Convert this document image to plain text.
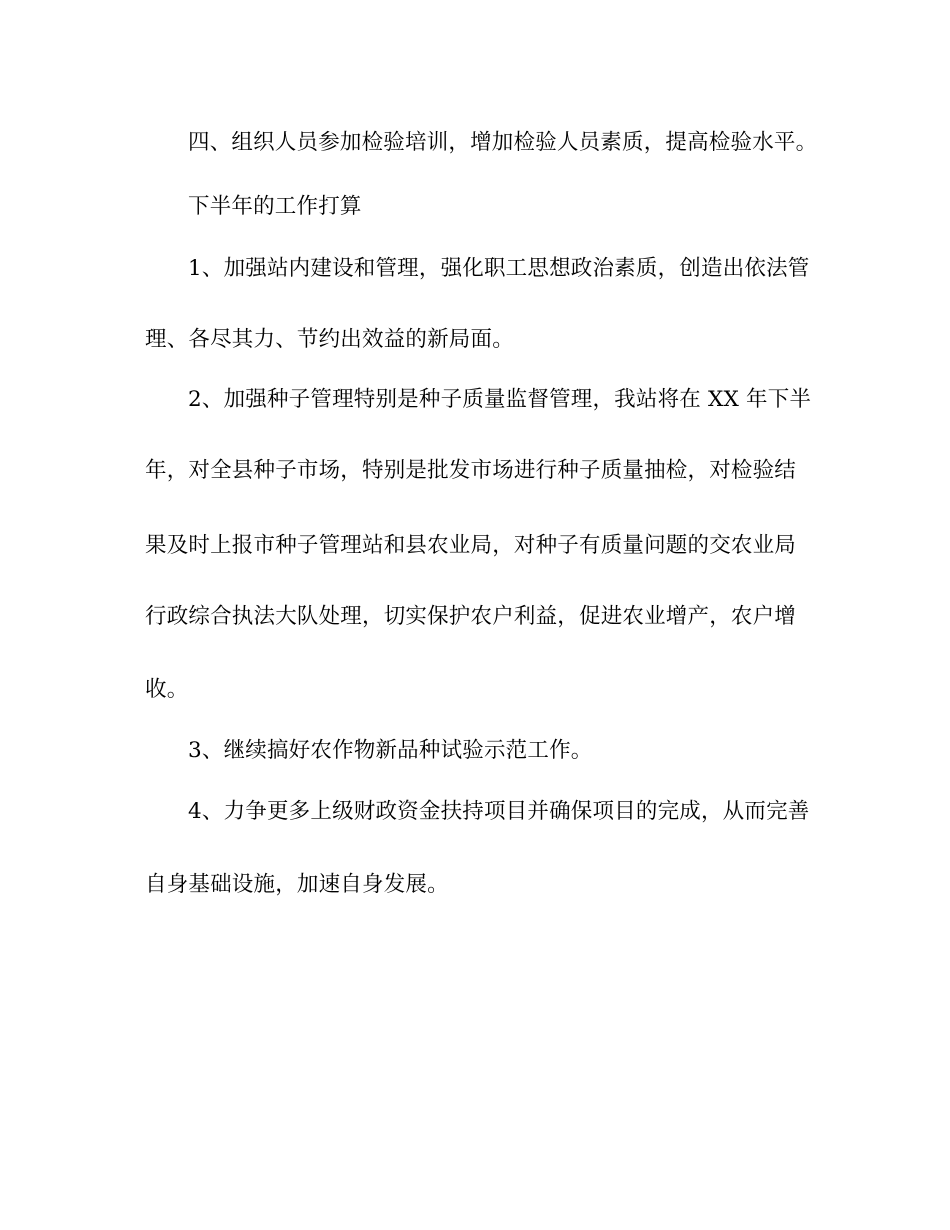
四、组织人员参加检验培训，增加检验人员素质，提高检验水平。
下半年的工作打算
1、加强站内建设和管理，强化职工思想政治素质，创造出依法管
理、各尽其力、节约出效益的新局面。
2、加强种子管理特别是种子质量监督管理，我站将在 XX 年下半
年，对全县种子市场，特别是批发市场进行种子质量抽检，对检验结
果及时上报市种子管理站和县农业局，对种子有质量问题的交农业局
行政综合执法大队处理，切实保护农户利益，促进农业增产，农户增
收。
3、继续搞好农作物新品种试验示范工作。
4、力争更多上级财政资金扶持项目并确保项目的完成，从而完善
自身基础设施，加速自身发展。
